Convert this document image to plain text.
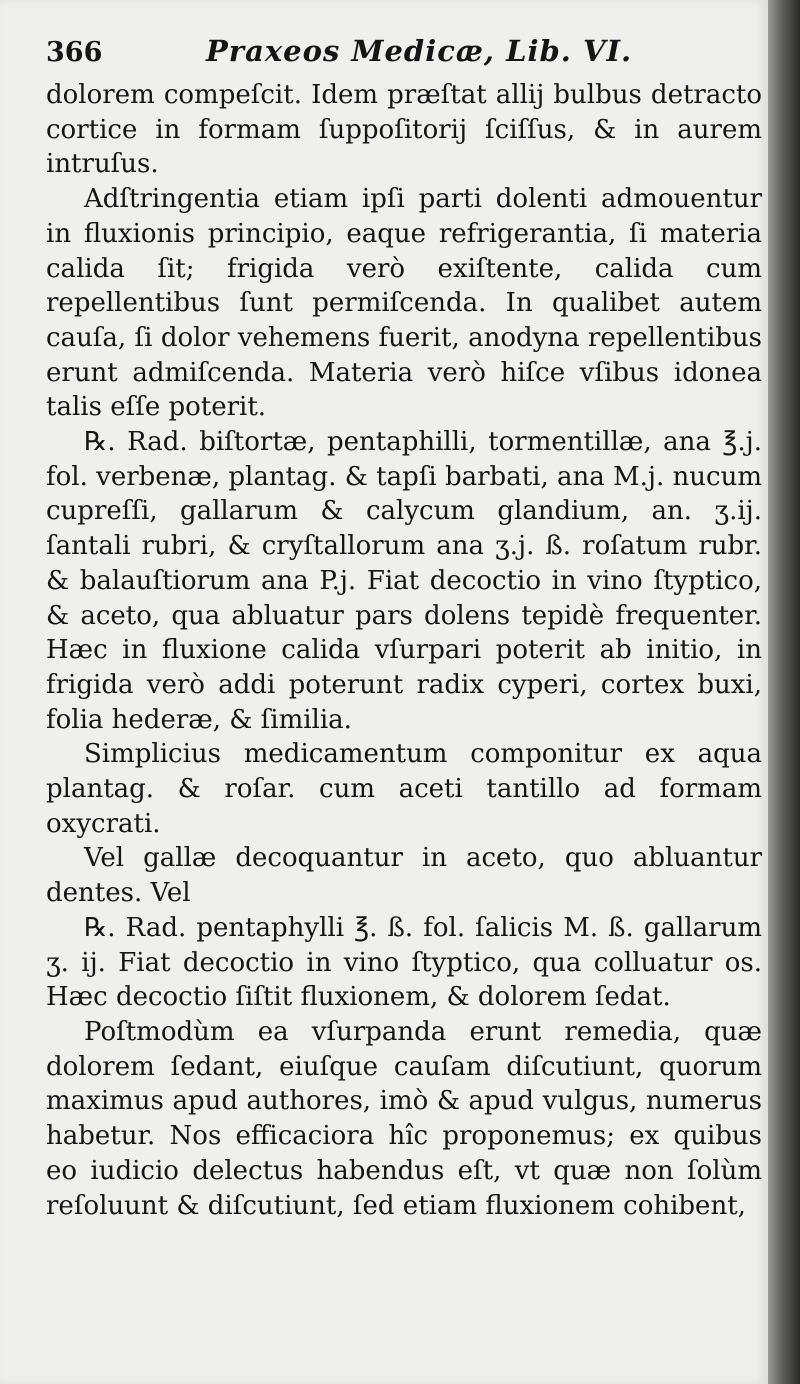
366	Praxeos Medicæ, Lib. VI.

dolorem compeſcit. Idem præſtat allij bulbus detracto cortice in formam ſuppoſitorij ſciſſus, & in aurem intruſus.

Adſtringentia etiam ipſi parti dolenti admouentur in fluxionis principio, eaque refrigerantia, ſi materia calida ſit; frigida verò exiſtente, calida cum repellentibus ſunt permiſcenda. In qualibet autem cauſa, ſi dolor vehemens fuerit, anodyna repellentibus erunt admiſcenda. Materia verò hiſce vſibus idonea talis eſſe poterit.

℞. Rad. biſtortæ, pentaphilli, tormentillæ, ana ℥.j. fol. verbenæ, plantag. & tapſi barbati, ana M.j. nucum cupreſſi, gallarum & calycum glandium, an. ʒ.ij. ſantali rubri, & cryſtallorum ana ʒ.j. ß. roſatum rubr. & balauſtiorum ana P.j. Fiat decoctio in vino ſtyptico, & aceto, qua abluatur pars dolens tepidè frequenter. Hæc in fluxione calida vſurpari poterit ab initio, in frigida verò addi poterunt radix cyperi, cortex buxi, folia hederæ, & ſimilia.

Simplicius medicamentum componitur ex aqua plantag. & roſar. cum aceti tantillo ad formam oxycrati.

Vel gallæ decoquantur in aceto, quo abluantur dentes. Vel

℞. Rad. pentaphylli ℥. ß. fol. ſalicis M. ß. gallarum ʒ. ij. Fiat decoctio in vino ſtyptico, qua colluatur os. Hæc decoctio ſiſtit fluxionem, & dolorem ſedat.

Poſtmodùm ea vſurpanda erunt remedia, quæ dolorem ſedant, eiuſque cauſam diſcutiunt, quorum maximus apud authores, imò & apud vulgus, numerus habetur. Nos efficaciora hîc proponemus; ex quibus eo iudicio delectus habendus eſt, vt quæ non ſolùm reſoluunt & diſcutiunt, ſed etiam fluxionem cohibent,
